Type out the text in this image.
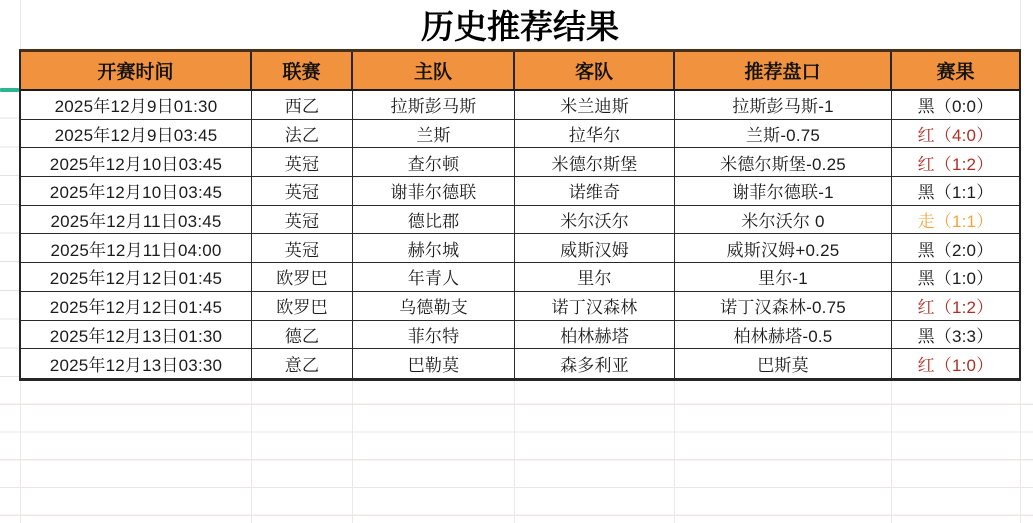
历史推荐结果
开赛时间	联赛	主队	客队	推荐盘口	赛果
2025年12月9日01:30	西乙	拉斯彭马斯	米兰迪斯	拉斯彭马斯-1	黑（0:0）
2025年12月9日03:45	法乙	兰斯	拉华尔	兰斯-0.75	红（4:0）
2025年12月10日03:45	英冠	查尔顿	米德尔斯堡	米德尔斯堡-0.25	红（1:2）
2025年12月10日03:45	英冠	谢菲尔德联	诺维奇	谢菲尔德联-1	黑（1:1）
2025年12月11日03:45	英冠	德比郡	米尔沃尔	米尔沃尔 0	走（1:1）
2025年12月11日04:00	英冠	赫尔城	威斯汉姆	威斯汉姆+0.25	黑（2:0）
2025年12月12日01:45	欧罗巴	年青人	里尔	里尔-1	黑（1:0）
2025年12月12日01:45	欧罗巴	乌德勒支	诺丁汉森林	诺丁汉森林-0.75	红（1:2）
2025年12月13日01:30	德乙	菲尔特	柏林赫塔	柏林赫塔-0.5	黑（3:3）
2025年12月13日03:30	意乙	巴勒莫	森多利亚	巴斯莫	红（1:0）
